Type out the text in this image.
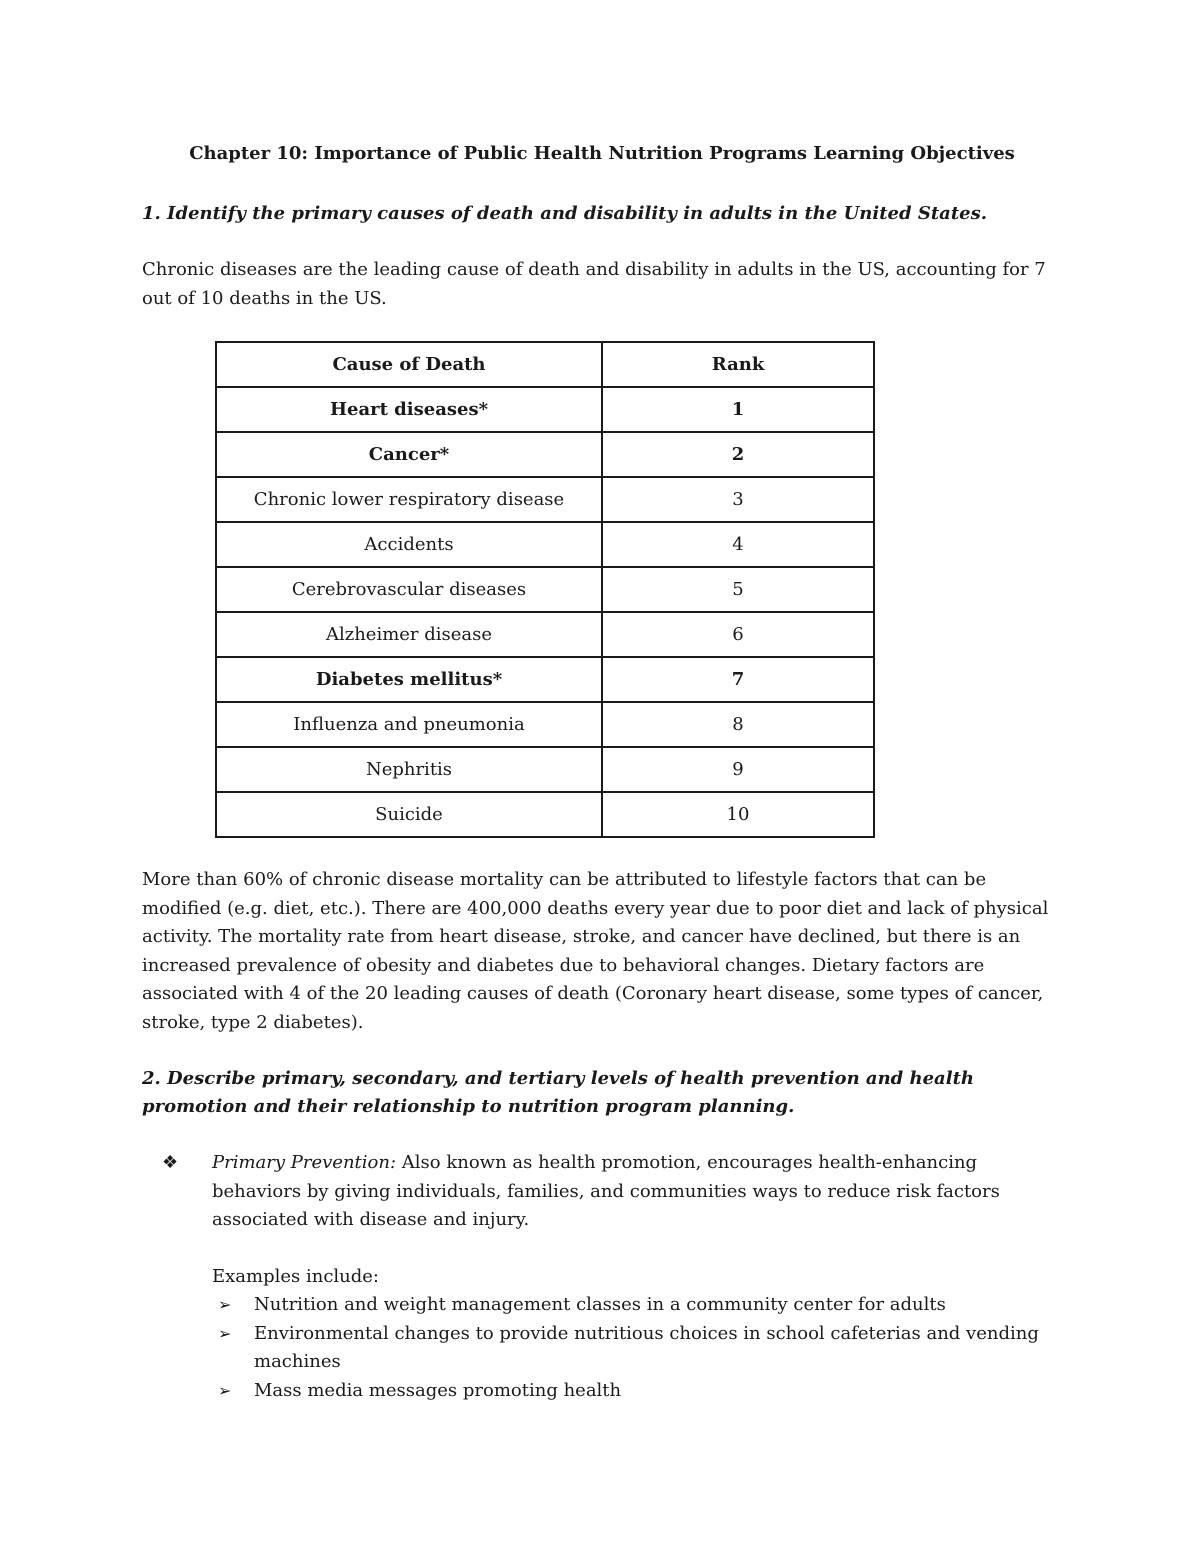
Chapter 10: Importance of Public Health Nutrition Programs Learning Objectives
1. Identify the primary causes of death and disability in adults in the United States.
Chronic diseases are the leading cause of death and disability in adults in the US, accounting for 7 out of 10 deaths in the US.
Cause of Death	Rank
Heart diseases*	1
Cancer*	2
Chronic lower respiratory disease	3
Accidents	4
Cerebrovascular diseases	5
Alzheimer disease	6
Diabetes mellitus*	7
Influenza and pneumonia	8
Nephritis	9
Suicide	10
More than 60% of chronic disease mortality can be attributed to lifestyle factors that can be modified (e.g. diet, etc.). There are 400,000 deaths every year due to poor diet and lack of physical activity. The mortality rate from heart disease, stroke, and cancer have declined, but there is an increased prevalence of obesity and diabetes due to behavioral changes. Dietary factors are associated with 4 of the 20 leading causes of death (Coronary heart disease, some types of cancer, stroke, type 2 diabetes).
2. Describe primary, secondary, and tertiary levels of health prevention and health promotion and their relationship to nutrition program planning.
❖	Primary Prevention: Also known as health promotion, encourages health-enhancing behaviors by giving individuals, families, and communities ways to reduce risk factors associated with disease and injury.
Examples include:
➢ Nutrition and weight management classes in a community center for adults
➢ Environmental changes to provide nutritious choices in school cafeterias and vending machines
➢ Mass media messages promoting health
